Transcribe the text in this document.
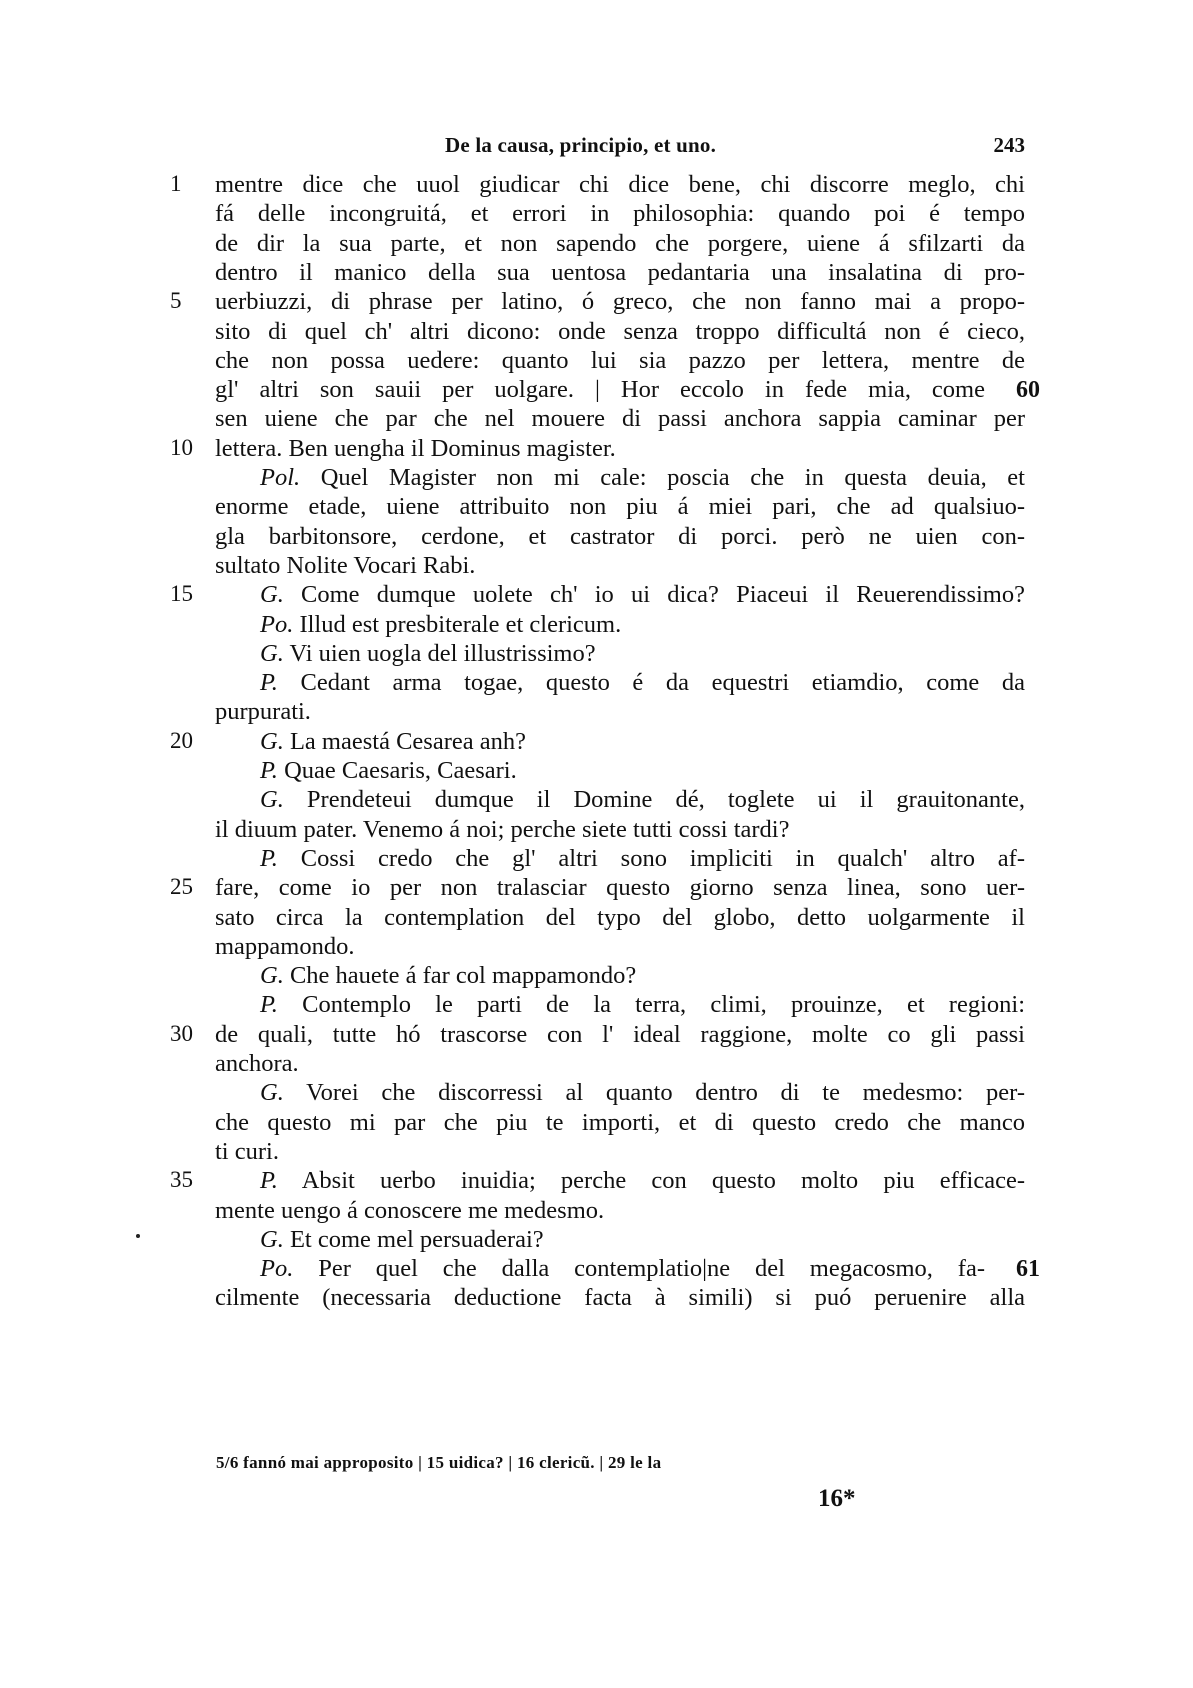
De la causa, principio, et uno.	243
1	mentre dice che uuol giudicar chi dice bene, chi discorre meglo, chi
fá delle incongruitá, et errori in philosophia: quando poi é tempo
de dir la sua parte, et non sapendo che porgere, uiene á sfilzarti da
dentro il manico della sua uentosa pedantaria una insalatina di pro-
5	uerbiuzzi, di phrase per latino, ó greco, che non fanno mai a propo-
sito di quel ch' altri dicono: onde senza troppo difficultá non é cieco,
che non possa uedere: quanto lui sia pazzo per lettera, mentre de
gl' altri son sauii per uolgare. | Hor eccolo in fede mia, come	60
sen uiene che par che nel mouere di passi anchora sappia caminar per
10 lettera. Ben uengha il Dominus magister.
Pol. Quel Magister non mi cale: poscia che in questa deuia, et
enorme etade, uiene attribuito non piu á miei pari, che ad qualsiuo-
gla barbitonsore, cerdone, et castrator di porci. però ne uien con-
sultato Nolite Vocari Rabi.
15	G. Come dumque uolete ch' io ui dica? Piaceui il Reuerendissimo?
Po. Illud est presbiterale et clericum.
G. Vi uien uogla del illustrissimo?
P. Cedant arma togae, questo é da equestri etiamdio, come da
purpurati.
20	G. La maestá Cesarea anh?
P. Quae Caesaris, Caesari.
G. Prendeteui dumque il Domine dé, toglete ui il grauitonante,
il diuum pater. Venemo á noi; perche siete tutti cossi tardi?
P. Cossi credo che gl' altri sono impliciti in qualch' altro af-
25 fare, come io per non tralasciar questo giorno senza linea, sono uer-
sato circa la contemplation del typo del globo, detto uolgarmente il
mappamondo.
G. Che hauete á far col mappamondo?
P. Contemplo le parti de la terra, climi, prouinze, et regioni:
30 de quali, tutte hó trascorse con l' ideal raggione, molte co gli passi
anchora.
G. Vorei che discorressi al quanto dentro di te medesmo: per-
che questo mi par che piu te importi, et di questo credo che manco
ti curi.
35	P. Absit uerbo inuidia; perche con questo molto piu efficace-
mente uengo á conoscere me medesmo.
G. Et come mel persuaderai?
Po. Per quel che dalla contemplatio|ne del megacosmo, fa-	61
cilmente (necessaria deductione facta à simili) si puó peruenire alla
5/6 fannó mai approposito | 15 uidica? | 16 clericũ. | 29 le la
16*
